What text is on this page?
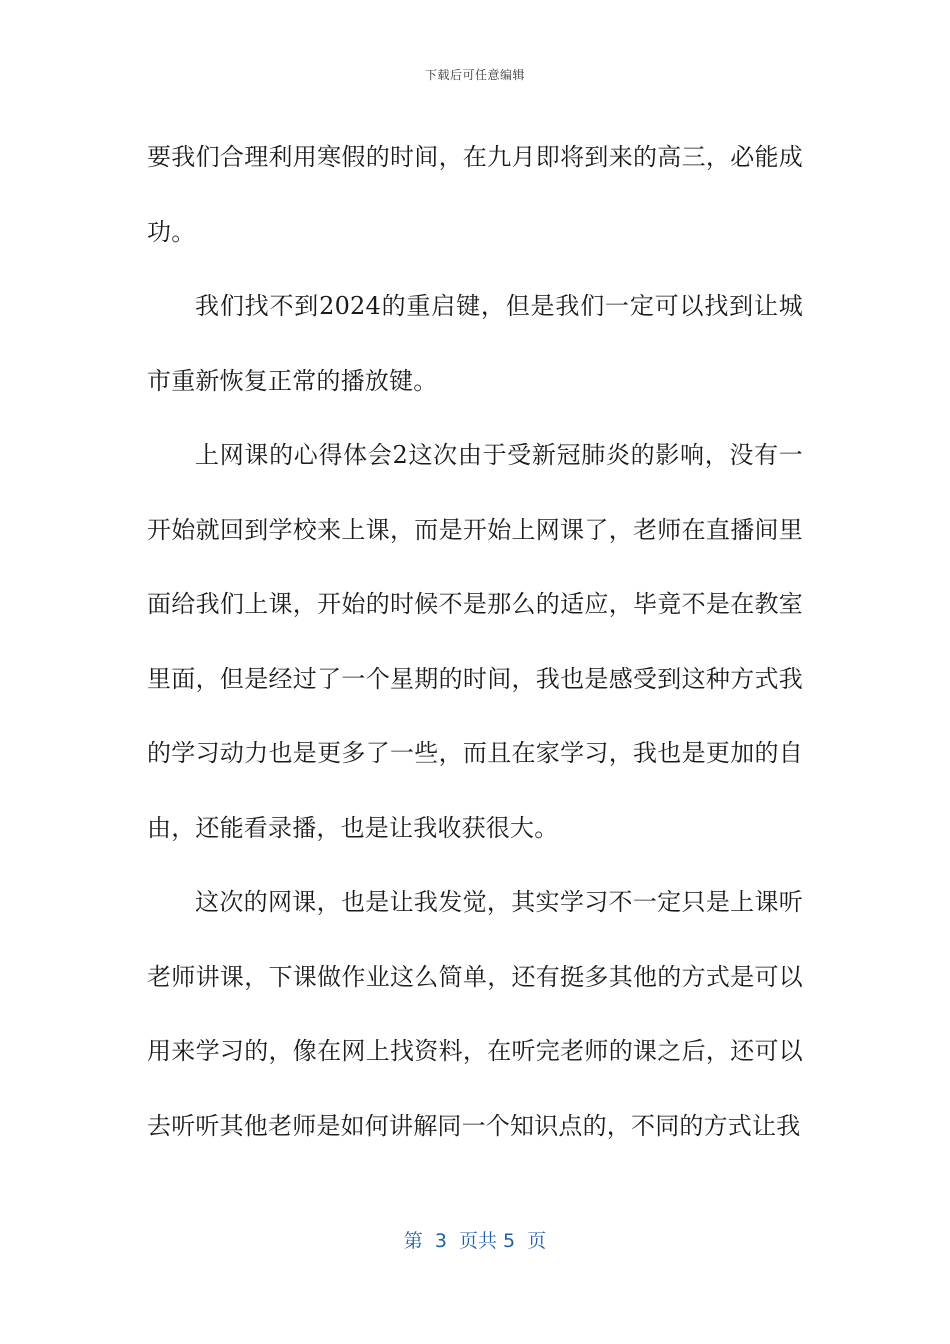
下载后可任意编辑

要我们合理利用寒假的时间，在九月即将到来的高三，必能成功。

我们找不到2024的重启键，但是我们一定可以找到让城市重新恢复正常的播放键。

上网课的心得体会2这次由于受新冠肺炎的影响，没有一开始就回到学校来上课，而是开始上网课了，老师在直播间里面给我们上课，开始的时候不是那么的适应，毕竟不是在教室里面，但是经过了一个星期的时间，我也是感受到这种方式我的学习动力也是更多了一些，而且在家学习，我也是更加的自由，还能看录播，也是让我收获很大。

这次的网课，也是让我发觉，其实学习不一定只是上课听老师讲课，下课做作业这么简单，还有挺多其他的方式是可以用来学习的，像在网上找资料，在听完老师的课之后，还可以去听听其他老师是如何讲解同一个知识点的，不同的方式让我

第  3  页共 5  页
